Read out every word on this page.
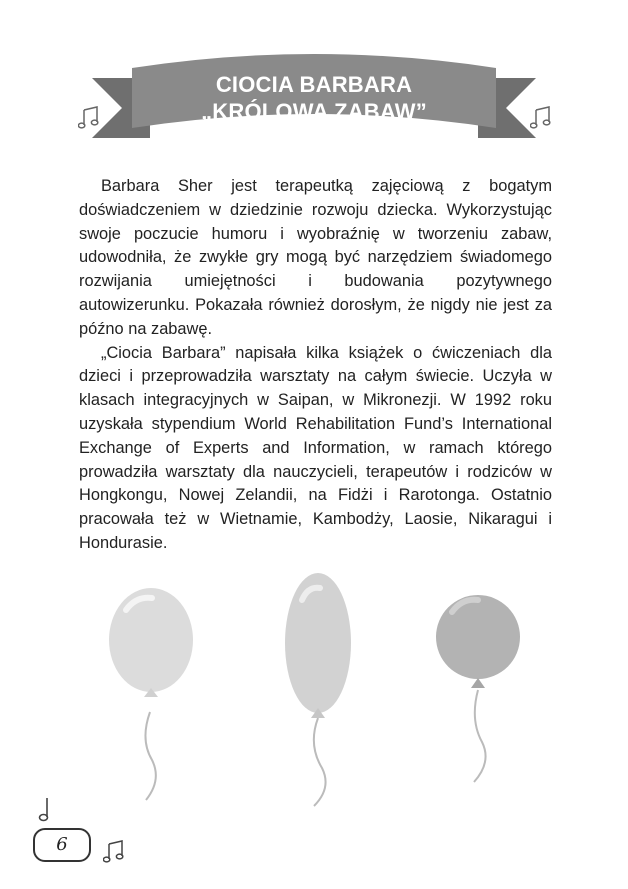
CIOCIA BARBARA
„KRÓLOWA ZABAW”

Barbara Sher jest terapeutką zajęciową z bogatym doświadczeniem w dziedzinie rozwoju dziecka. Wykorzystując swoje poczucie humoru i wyobraźnię w tworzeniu zabaw, udowodniła, że zwykłe gry mogą być narzędziem świadomego rozwijania umiejętności i budowania pozytywnego autowizerunku. Pokazała również dorosłym, że nigdy nie jest za późno na zabawę.

„Ciocia Barbara” napisała kilka książek o ćwiczeniach dla dzieci i przeprowadziła warsztaty na całym świecie. Uczyła w klasach integracyjnych w Saipan, w Mikronezji. W 1992 roku uzyskała stypendium World Rehabilitation Fund’s International Exchange of Experts and Information, w ramach którego prowadziła warsztaty dla nauczycieli, terapeutów i rodziców w Hongkongu, Nowej Zelandii, na Fidżi i Rarotonga. Ostatnio pracowała też w Wietnamie, Kambodży, Laosie, Nikaragui i Hondurasie.

6
